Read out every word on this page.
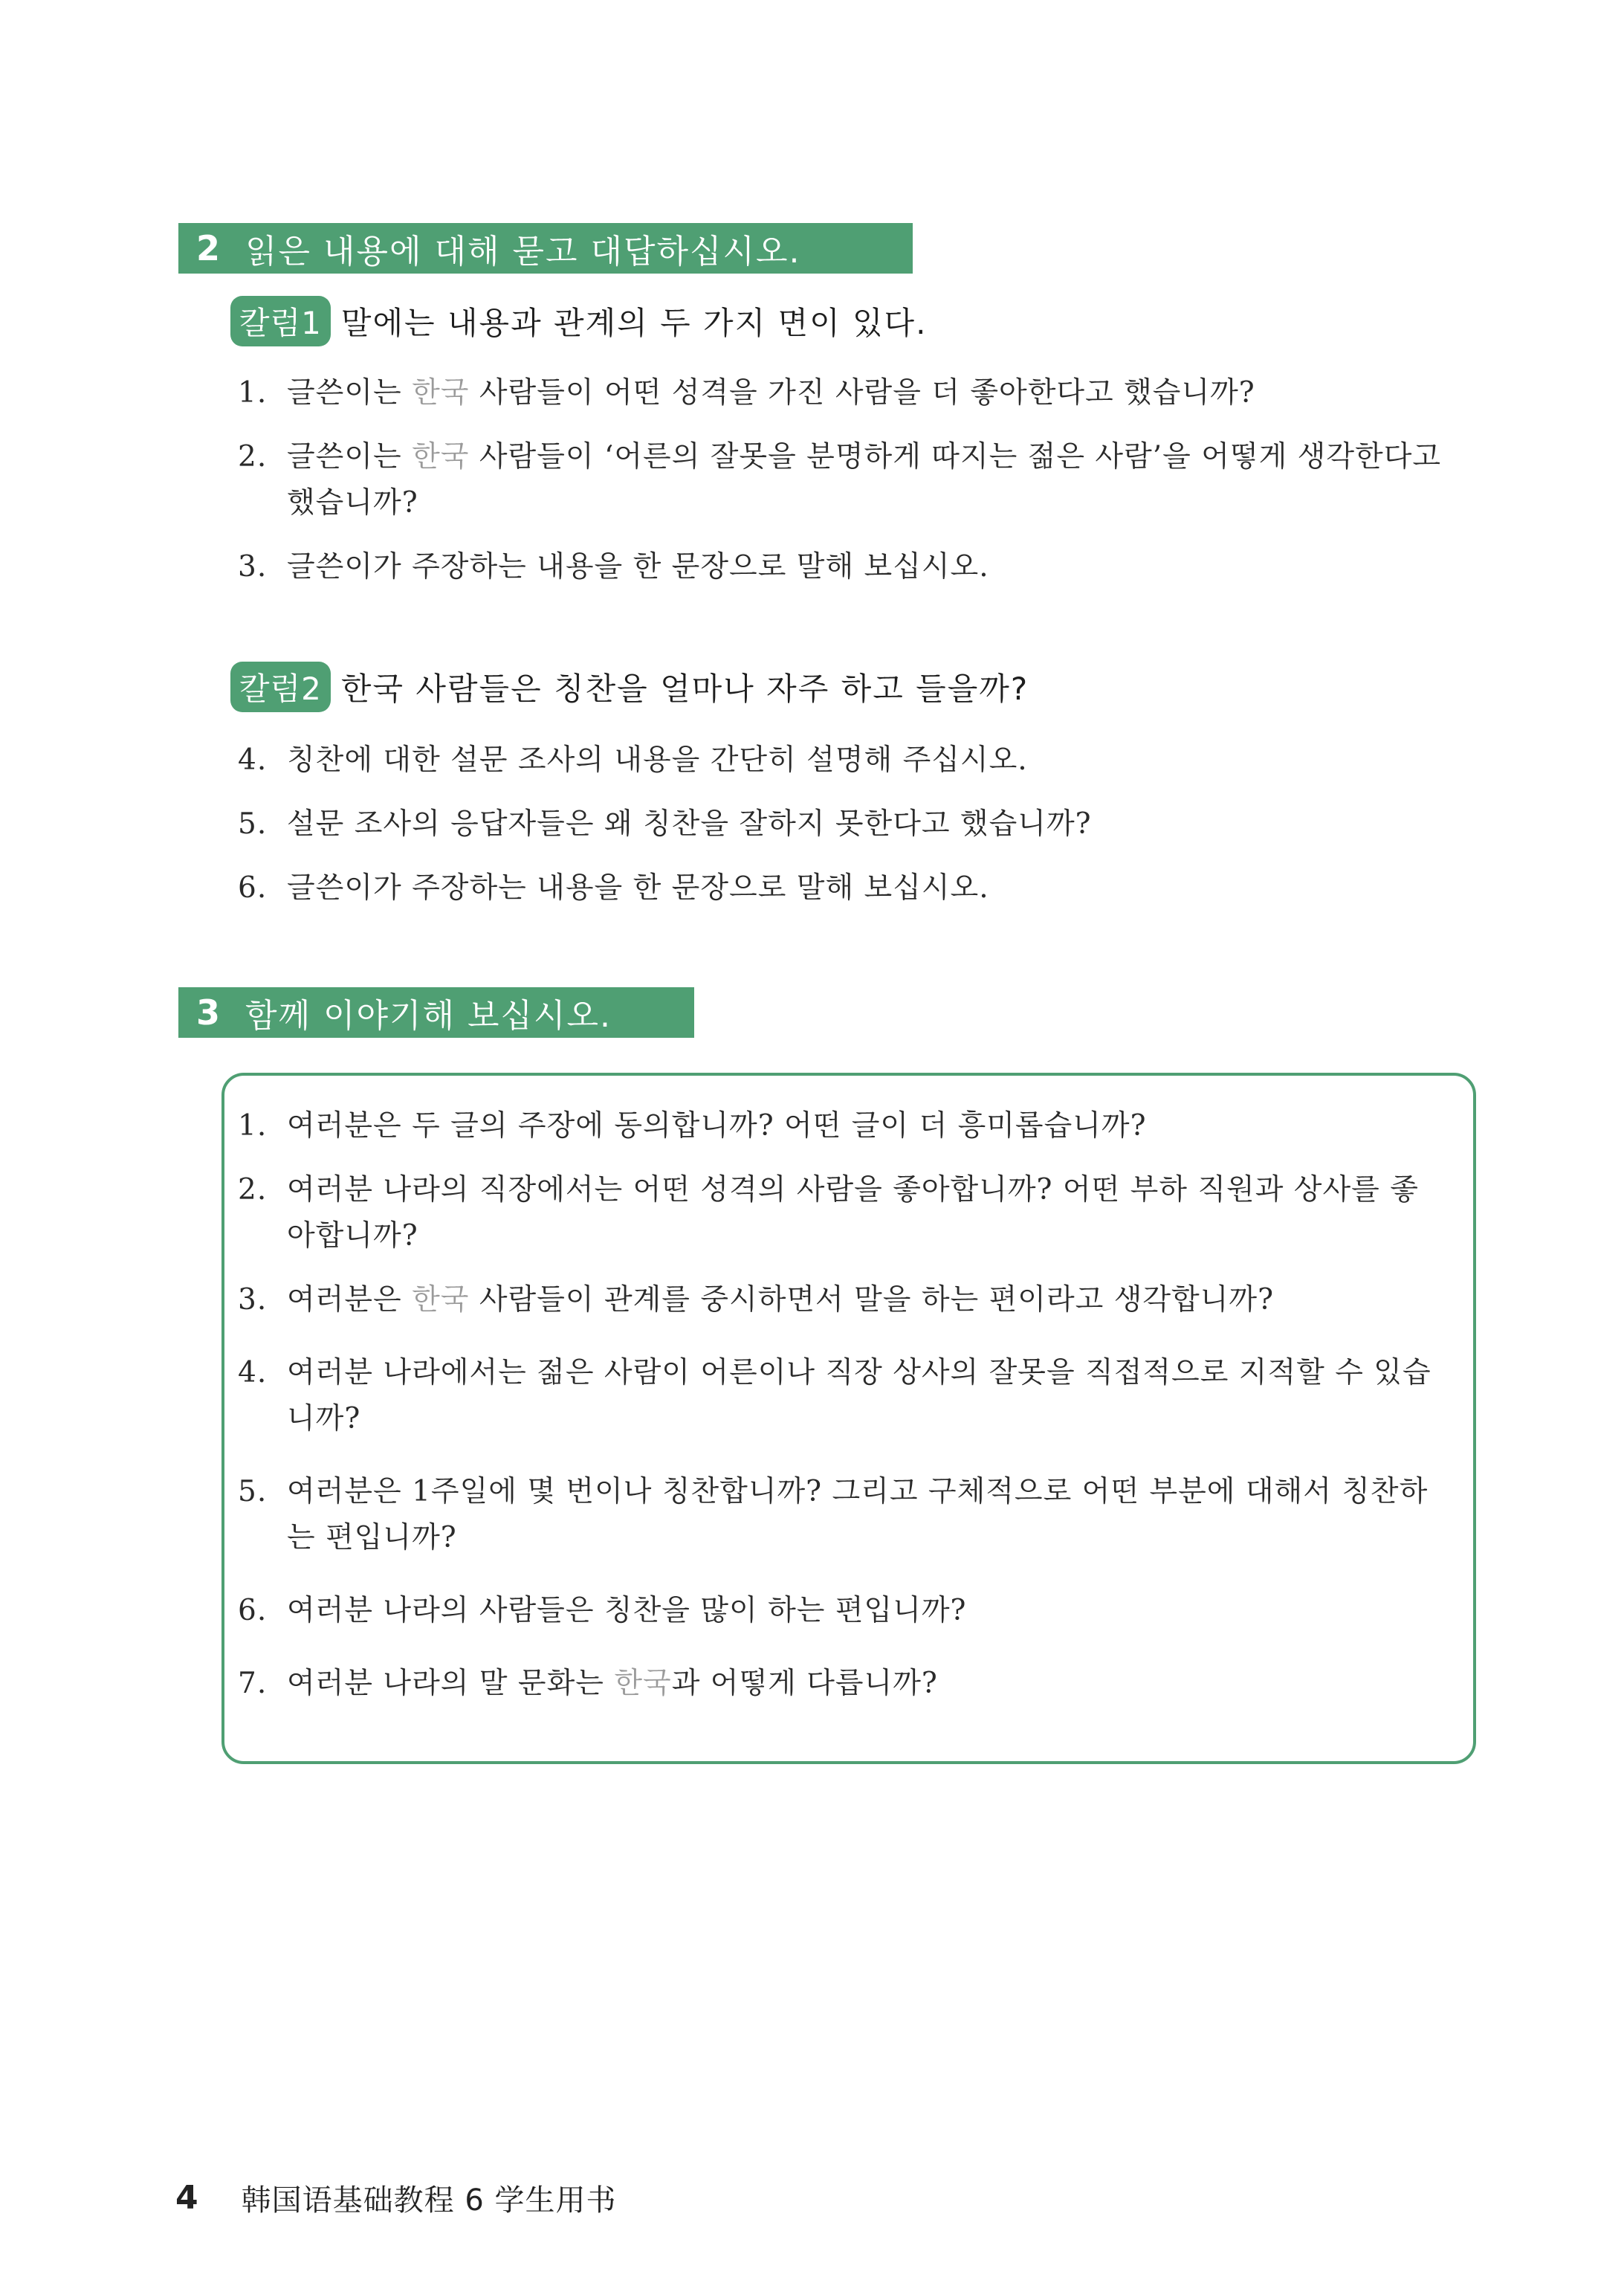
2 읽은 내용에 대해 묻고 대답하십시오.
칼럼1 말에는 내용과 관계의 두 가지 면이 있다.
1. 글쓴이는 한국 사람들이 어떤 성격을 가진 사람을 더 좋아한다고 했습니까?
2. 글쓴이는 한국 사람들이 ‘어른의 잘못을 분명하게 따지는 젊은 사람’을 어떻게 생각한다고 했습니까?
3. 글쓴이가 주장하는 내용을 한 문장으로 말해 보십시오.
칼럼2 한국 사람들은 칭찬을 얼마나 자주 하고 들을까?
4. 칭찬에 대한 설문 조사의 내용을 간단히 설명해 주십시오.
5. 설문 조사의 응답자들은 왜 칭찬을 잘하지 못한다고 했습니까?
6. 글쓴이가 주장하는 내용을 한 문장으로 말해 보십시오.
3 함께 이야기해 보십시오.
1. 여러분은 두 글의 주장에 동의합니까? 어떤 글이 더 흥미롭습니까?
2. 여러분 나라의 직장에서는 어떤 성격의 사람을 좋아합니까? 어떤 부하 직원과 상사를 좋아합니까?
3. 여러분은 한국 사람들이 관계를 중시하면서 말을 하는 편이라고 생각합니까?
4. 여러분 나라에서는 젊은 사람이 어른이나 직장 상사의 잘못을 직접적으로 지적할 수 있습니까?
5. 여러분은 1주일에 몇 번이나 칭찬합니까? 그리고 구체적으로 어떤 부분에 대해서 칭찬하는 편입니까?
6. 여러분 나라의 사람들은 칭찬을 많이 하는 편입니까?
7. 여러분 나라의 말 문화는 한국과 어떻게 다릅니까?
4 韩国语基础教程 6 学生用书
